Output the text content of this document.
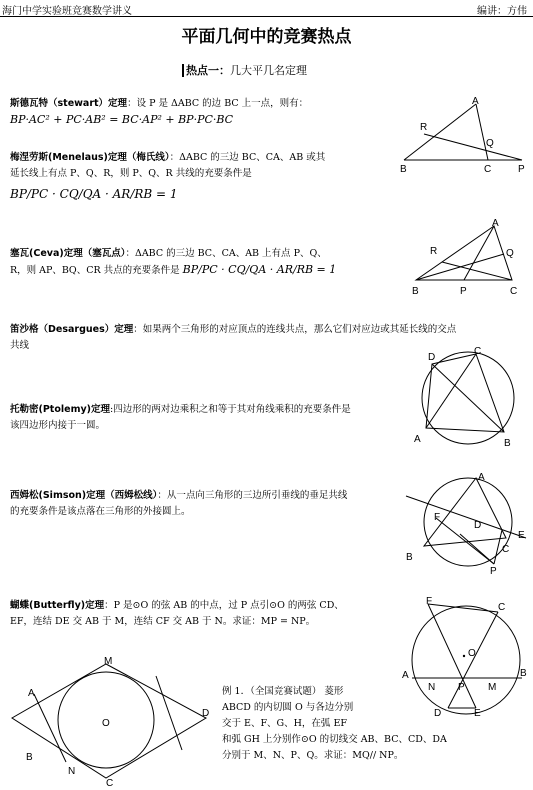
海门中学实验班竞赛数学讲义	编讲：方伟
平面几何中的竞赛热点
热点一：几大平几名定理
斯德瓦特（stewart）定理：设 P 是 ΔABC 的边 BC 上一点，则有：
BP·AC² + PC·AB² = BC·AP² + BP·PC·BC
梅涅劳斯(Menelaus)定理（梅氏线）：ΔABC 的三边 BC、CA、AB 或其
延长线上有点 P、Q、R，则 P、Q、R 共线的充要条件是
BP/PC · CQ/QA · AR/RB = 1
塞瓦(Ceva)定理（塞瓦点）：ΔABC 的三边 BC、CA、AB 上有点 P、Q、
R，则 AP、BQ、CR 共点的充要条件是 BP/PC · CQ/QA · AR/RB = 1
笛沙格（Desargues）定理：如果两个三角形的对应顶点的连线共点，那么它们对应边或其延长线的交点
共线
托勒密(Ptolemy)定理:四边形的两对边乘积之和等于其对角线乘积的充要条件是
该四边形内接于一圆。
西姆松(Simson)定理（西姆松线）：从一点向三角形的三边所引垂线的垂足共线
的充要条件是该点落在三角形的外接圆上。
蝴蝶(Butterfly)定理：P 是⊙O 的弦 AB 的中点，过 P 点引⊙O 的两弦 CD、
EF，连结 DE 交 AB 于 M，连结 CF 交 AB 于 N。求证：MP = NP。
例 1．（全国竞赛试题） 菱形
ABCD 的内切圆 O 与各边分别
交于 E、F、G、H，在弧 EF
和弧 GH 上分别作⊙O 的切线交 AB、BC、CD、DA
分别于 M、N、P、Q。求证：MQ// NP。
A
R
Q
B	C	P
A
R	Q
B	P	C
D
C
A	B
A
F
D
E
B
C
P
F
C
O
A
N P M
B
D	E
M
A
O
D
B
N
C
